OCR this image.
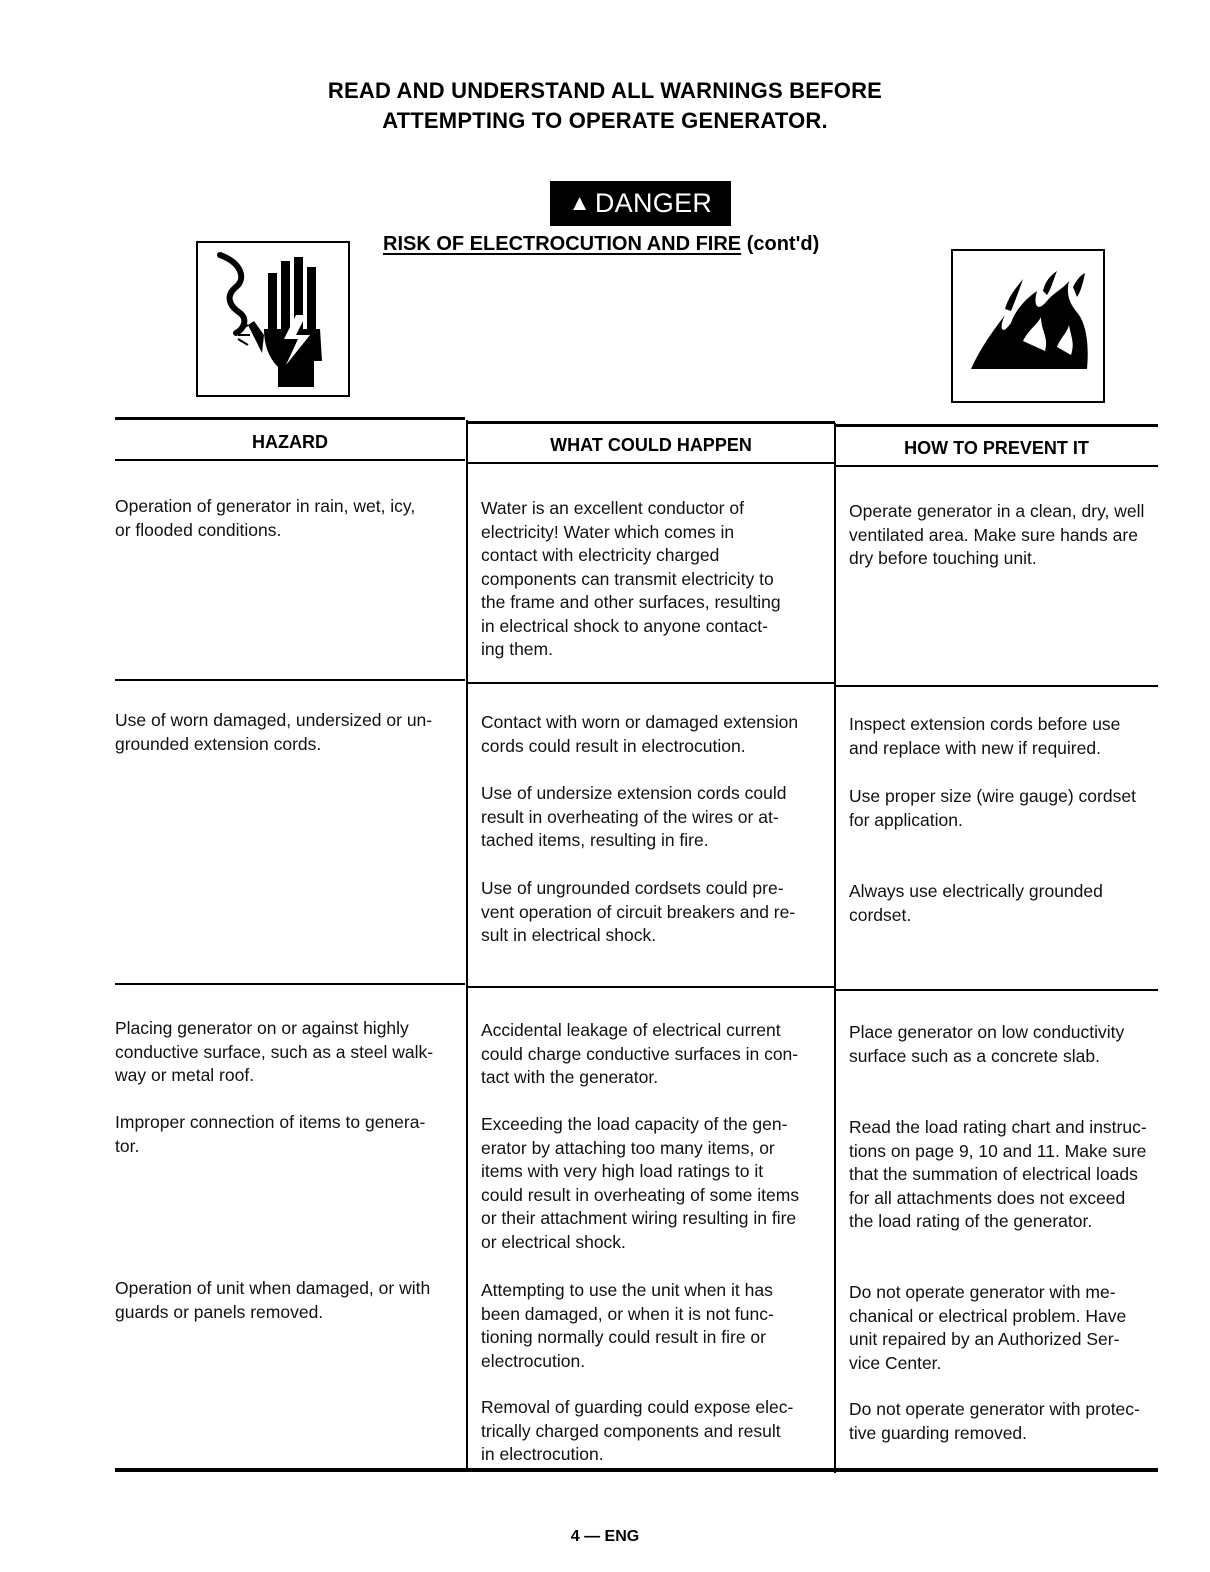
READ AND UNDERSTAND ALL WARNINGS BEFORE
ATTEMPTING TO OPERATE GENERATOR.
▲ DANGER
RISK OF ELECTROCUTION AND FIRE (cont'd)
HAZARD	WHAT COULD HAPPEN	HOW TO PREVENT IT
Operation of generator in rain, wet, icy,
or flooded conditions.
Water is an excellent conductor of
electricity! Water which comes in
contact with electricity charged
components can transmit electricity to
the frame and other surfaces, resulting
in electrical shock to anyone contact-
ing them.
Operate generator in a clean, dry, well
ventilated area. Make sure hands are
dry before touching unit.
Use of worn damaged, undersized or un-
grounded extension cords.
Contact with worn or damaged extension
cords could result in electrocution.
Use of undersize extension cords could
result in overheating of the wires or at-
tached items, resulting in fire.
Use of ungrounded cordsets could pre-
vent operation of circuit breakers and re-
sult in electrical shock.
Inspect extension cords before use
and replace with new if required.
Use proper size (wire gauge) cordset
for application.
Always use electrically grounded
cordset.
Placing generator on or against highly
conductive surface, such as a steel walk-
way or metal roof.
Improper connection of items to genera-
tor.
Operation of unit when damaged, or with
guards or panels removed.
Accidental leakage of electrical current
could charge conductive surfaces in con-
tact with the generator.
Exceeding the load capacity of the gen-
erator by attaching too many items, or
items with very high load ratings to it
could result in overheating of some items
or their attachment wiring resulting in fire
or electrical shock.
Attempting to use the unit when it has
been damaged, or when it is not func-
tioning normally could result in fire or
electrocution.
Removal of guarding could expose elec-
trically charged components and result
in electrocution.
Place generator on low conductivity
surface such as a concrete slab.
Read the load rating chart and instruc-
tions on page 9, 10 and 11. Make sure
that the summation of electrical loads
for all attachments does not exceed
the load rating of the generator.
Do not operate generator with me-
chanical or electrical problem. Have
unit repaired by an Authorized Ser-
vice Center.
Do not operate generator with protec-
tive guarding removed.
4 — ENG
